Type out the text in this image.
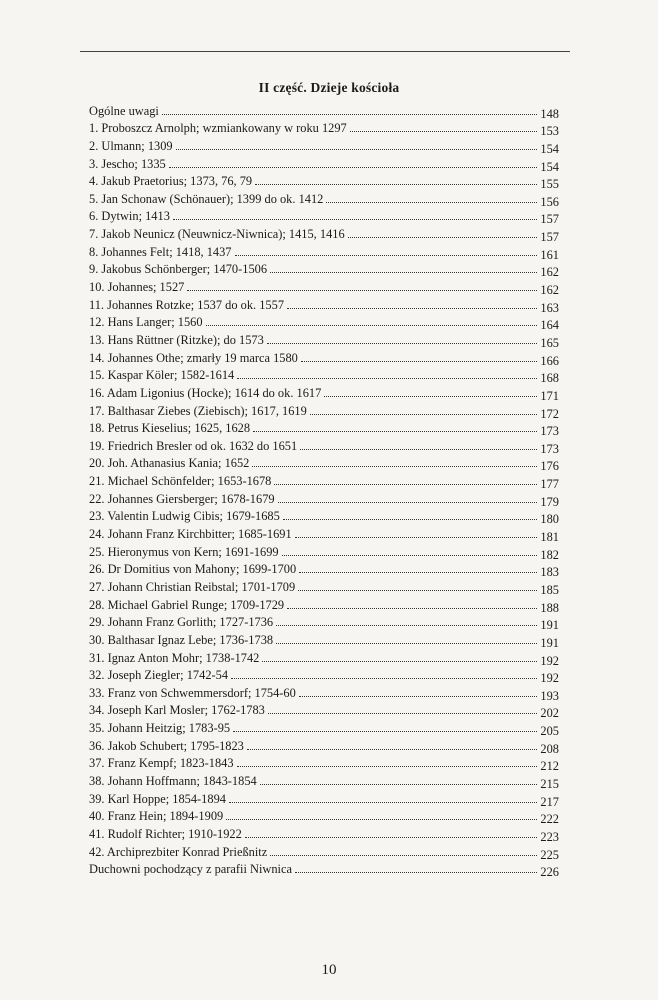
II część. Dzieje kościoła
Ogólne uwagi	148
1. Proboszcz Arnolph; wzmiankowany w roku 1297	153
2. Ulmann; 1309	154
3. Jescho; 1335	154
4. Jakub Praetorius; 1373, 76, 79	155
5. Jan Schonaw (Schönauer); 1399 do ok. 1412	156
6. Dytwin; 1413	157
7. Jakob Neunicz (Neuwnicz-Niwnica); 1415, 1416	157
8. Johannes Felt; 1418, 1437	161
9. Jakobus Schönberger; 1470-1506	162
10. Johannes; 1527	162
11. Johannes Rotzke; 1537 do ok. 1557	163
12. Hans Langer; 1560	164
13. Hans Rüttner (Ritzke); do 1573	165
14. Johannes Othe; zmarły 19 marca 1580	166
15. Kaspar Köler; 1582-1614	168
16. Adam Ligonius (Hocke); 1614 do ok. 1617	171
17. Balthasar Ziebes (Ziebisch); 1617, 1619	172
18. Petrus Kieselius; 1625, 1628	173
19. Friedrich Bresler od ok. 1632 do 1651	173
20. Joh. Athanasius Kania; 1652	176
21. Michael Schönfelder; 1653-1678	177
22. Johannes Giersberger; 1678-1679	179
23. Valentin Ludwig Cibis; 1679-1685	180
24. Johann Franz Kirchbitter; 1685-1691	181
25. Hieronymus von Kern; 1691-1699	182
26. Dr Domitius von Mahony; 1699-1700	183
27. Johann Christian Reibstal; 1701-1709	185
28. Michael Gabriel Runge; 1709-1729	188
29. Johann Franz Gorlith; 1727-1736	191
30. Balthasar Ignaz Lebe; 1736-1738	191
31. Ignaz Anton Mohr; 1738-1742	192
32. Joseph Ziegler; 1742-54	192
33. Franz von Schwemmersdorf; 1754-60	193
34. Joseph Karl Mosler; 1762-1783	202
35. Johann Heitzig; 1783-95	205
36. Jakob Schubert; 1795-1823	208
37. Franz Kempf; 1823-1843	212
38. Johann Hoffmann; 1843-1854	215
39. Karl Hoppe; 1854-1894	217
40. Franz Hein; 1894-1909	222
41. Rudolf Richter; 1910-1922	223
42. Archiprezbiter Konrad Prießnitz	225
Duchowni pochodzący z parafii Niwnica	226
10
